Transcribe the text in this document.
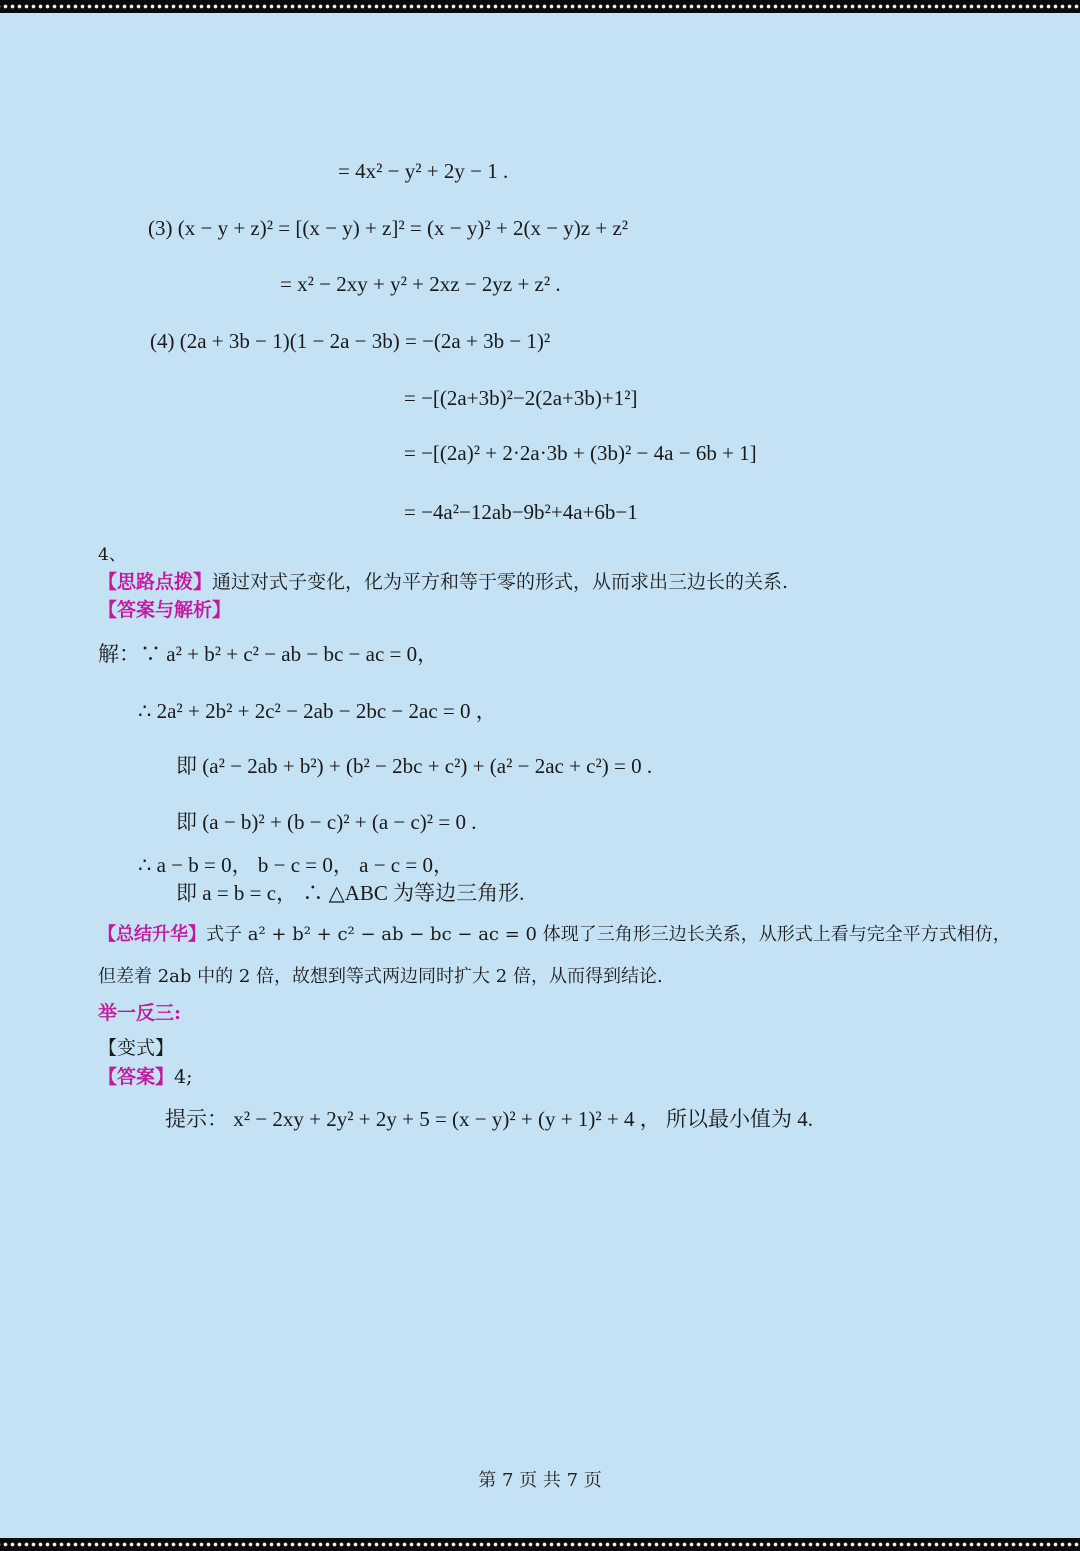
= 4x² − y² + 2y − 1 .
(3) (x − y + z)² = [(x − y) + z]² = (x − y)² + 2(x − y)z + z²
= x² − 2xy + y² + 2xz − 2yz + z² .
(4) (2a + 3b − 1)(1 − 2a − 3b) = −(2a + 3b − 1)²
= −[(2a+3b)²−2(2a+3b)+1²]
= −[(2a)² + 2·2a·3b + (3b)² − 4a − 6b + 1]
= −4a²−12ab−9b²+4a+6b−1
4、
【思路点拨】通过对式子变化，化为平方和等于零的形式，从而求出三边长的关系.
【答案与解析】
解：∵ a² + b² + c² − ab − bc − ac = 0，
∴ 2a² + 2b² + 2c² − 2ab − 2bc − 2ac = 0 ，
即 (a² − 2ab + b²) + (b² − 2bc + c²) + (a² − 2ac + c²) = 0 .
即 (a − b)² + (b − c)² + (a − c)² = 0 .
∴ a − b = 0， b − c = 0， a − c = 0，
即 a = b = c， ∴ △ABC 为等边三角形.
【总结升华】式子 a² + b² + c² − ab − bc − ac = 0 体现了三角形三边长关系，从形式上看与完全平方式相仿，
但差着 2ab 中的 2 倍，故想到等式两边同时扩大 2 倍，从而得到结论.
举一反三:
【变式】
【答案】4;
提示： x² − 2xy + 2y² + 2y + 5 = (x − y)² + (y + 1)² + 4 ， 所以最小值为 4.
第 7 页 共 7 页
